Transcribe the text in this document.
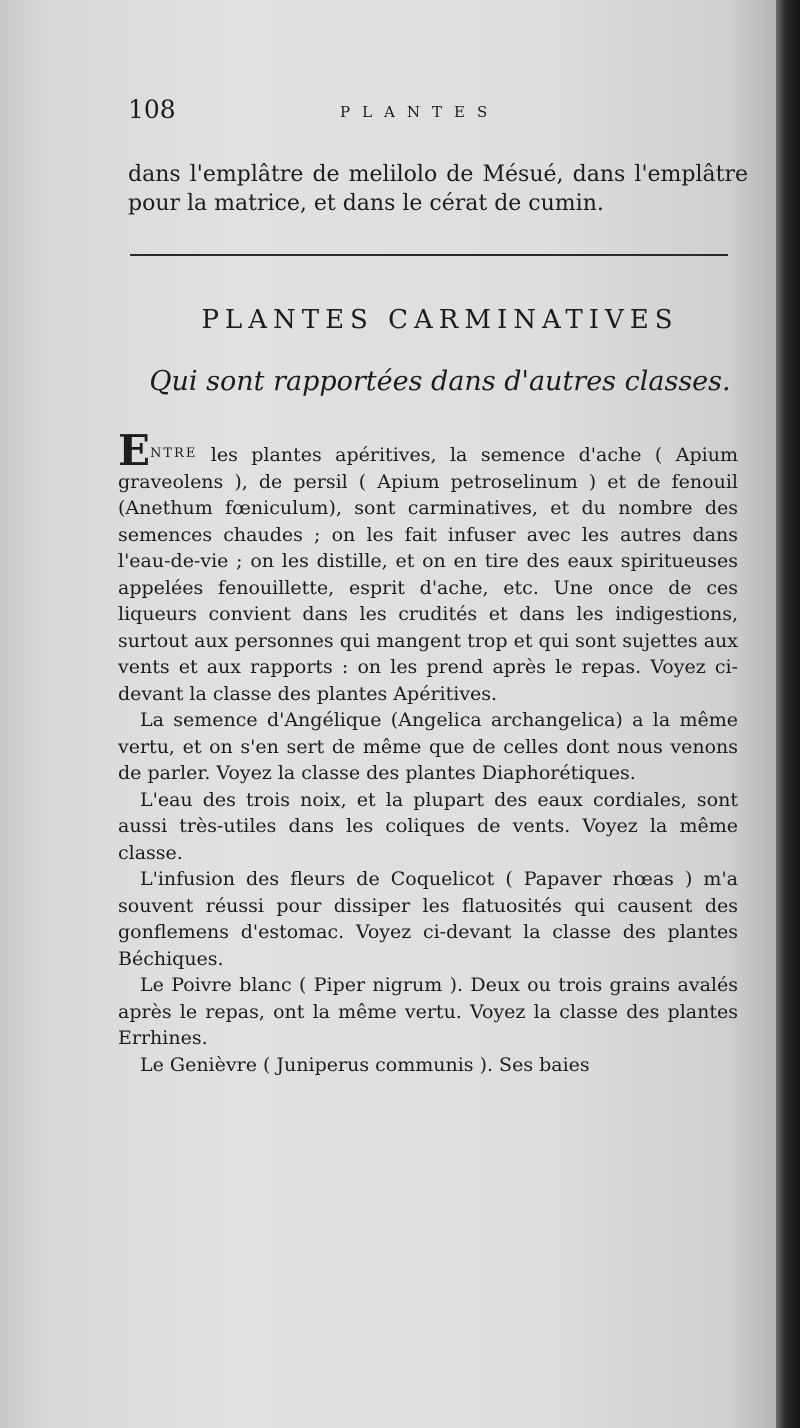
108	PLANTES

dans l'emplâtre de melilolo de Mésué, dans l'emplâtre pour la matrice, et dans le cérat de cumin.

PLANTES CARMINATIVES
Qui sont rapportées dans d'autres classes.

$E^{NTRE}$ les plantes apéritives, la semence d'ache ( Apium graveolens ), de persil ( Apium petroselinum ) et de fenouil (Anethum fœniculum), sont carminatives, et du nombre des semences chaudes ; on les fait infuser avec les autres dans l'eau-de-vie ; on les distille, et on en tire des eaux spiritueuses appelées fenouillette, esprit d'ache, etc. Une once de ces liqueurs convient dans les crudités et dans les indigestions, surtout aux personnes qui mangent trop et qui sont sujettes aux vents et aux rapports : on les prend après le repas. Voyez ci-devant la classe des plantes Apéritives.

La semence d'Angélique (Angelica archangelica) a la même vertu, et on s'en sert de même que de celles dont nous venons de parler. Voyez la classe des plantes Diaphorétiques.

L'eau des trois noix, et la plupart des eaux cordiales, sont aussi très-utiles dans les coliques de vents. Voyez la même classe.

L'infusion des fleurs de Coquelicot ( Papaver rhœas ) m'a souvent réussi pour dissiper les flatuosités qui causent des gonflemens d'estomac. Voyez ci-devant la classe des plantes Béchiques.

Le Poivre blanc ( Piper nigrum ). Deux ou trois grains avalés après le repas, ont la même vertu. Voyez la classe des plantes Errhines.

Le Genièvre ( Juniperus communis ). Ses baies
